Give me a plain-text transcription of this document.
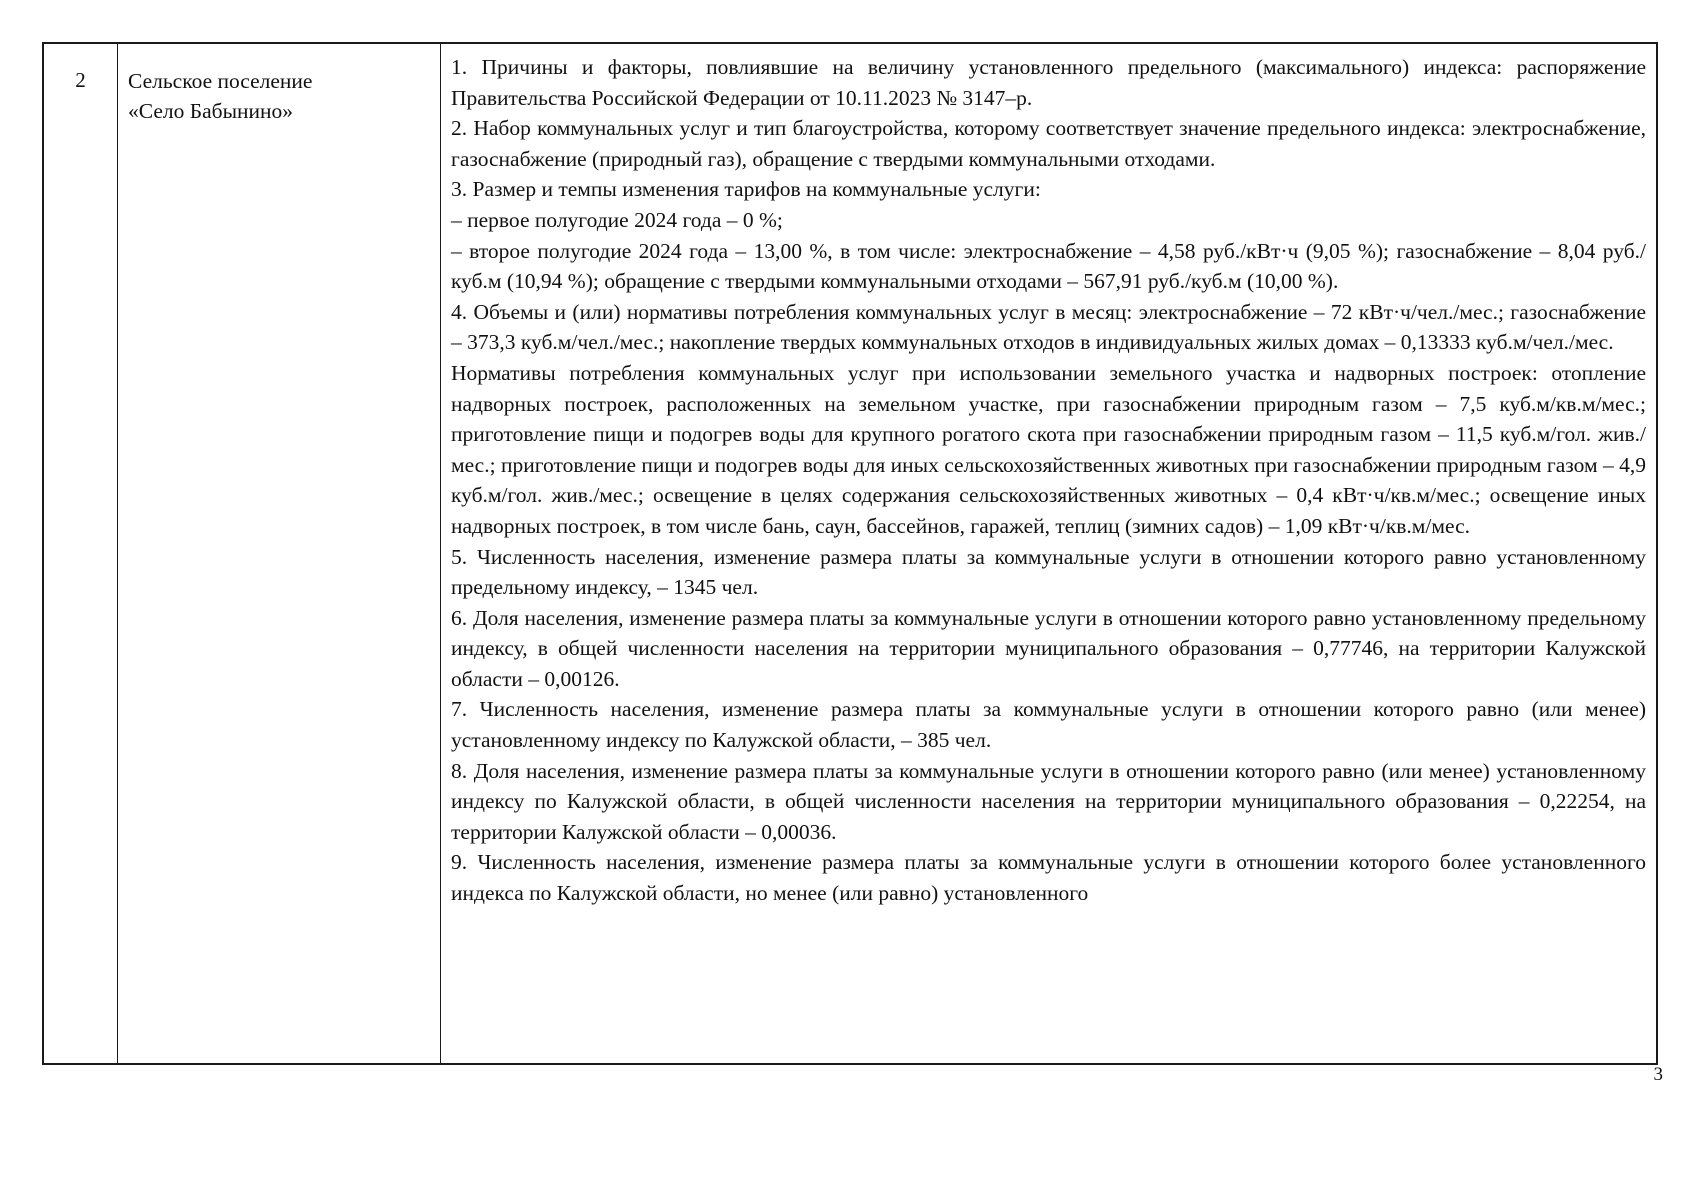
2	Сельское поселение
«Село Бабынино»

1. Причины и факторы, повлиявшие на величину установленного предельного (максимального) индекса: распоряжение Правительства Российской Федерации от 10.11.2023 № 3147–р.

2. Набор коммунальных услуг и тип благоустройства, которому соответствует значение предельного индекса: электроснабжение, газоснабжение (природный газ), обращение с твердыми коммунальными отходами.

3. Размер и темпы изменения тарифов на коммунальные услуги:

– первое полугодие 2024 года – 0 %;

– второе полугодие 2024 года – 13,00 %, в том числе: электроснабжение – 4,58 руб./кВт·ч (9,05 %); газоснабжение – 8,04 руб./куб.м (10,94 %); обращение с твердыми коммунальными отходами – 567,91 руб./куб.м (10,00 %).

4. Объемы и (или) нормативы потребления коммунальных услуг в месяц: электроснабжение – 72 кВт·ч/чел./мес.; газоснабжение – 373,3 куб.м/чел./мес.; накопление твердых коммунальных отходов в индивидуальных жилых домах – 0,13333 куб.м/чел./мес.

Нормативы потребления коммунальных услуг при использовании земельного участка и надворных построек: отопление надворных построек, расположенных на земельном участке, при газоснабжении природным газом – 7,5 куб.м/кв.м/мес.; приготовление пищи и подогрев воды для крупного рогатого скота при газоснабжении природным газом – 11,5 куб.м/гол. жив./мес.; приготовление пищи и подогрев воды для иных сельскохозяйственных животных при газоснабжении природным газом – 4,9 куб.м/гол. жив./мес.; освещение в целях содержания сельскохозяйственных животных – 0,4 кВт·ч/кв.м/мес.; освещение иных надворных построек, в том числе бань, саун, бассейнов, гаражей, теплиц (зимних садов) – 1,09 кВт·ч/кв.м/мес.

5. Численность населения, изменение размера платы за коммунальные услуги в отношении которого равно установленному предельному индексу, – 1345 чел.

6. Доля населения, изменение размера платы за коммунальные услуги в отношении которого равно установленному предельному индексу, в общей численности населения на территории муниципального образования – 0,77746, на территории Калужской области – 0,00126.

7. Численность населения, изменение размера платы за коммунальные услуги в отношении которого равно (или менее) установленному индексу по Калужской области, – 385 чел.

8. Доля населения, изменение размера платы за коммунальные услуги в отношении которого равно (или менее) установленному индексу по Калужской области, в общей численности населения на территории муниципального образования – 0,22254, на территории Калужской области – 0,00036.

9. Численность населения, изменение размера платы за коммунальные услуги в отношении которого более установленного индекса по Калужской области, но менее (или равно) установленного

3
